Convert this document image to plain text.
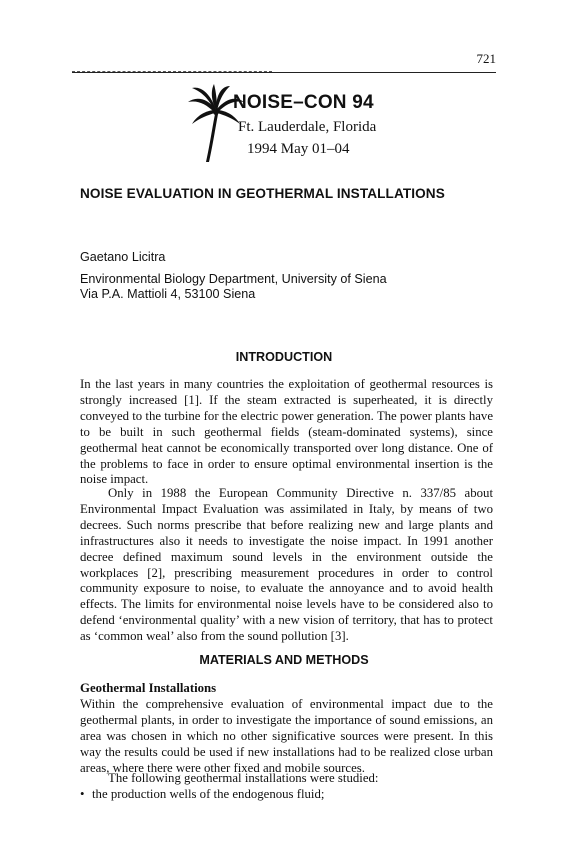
721
NOISE–CON 94
Ft. Lauderdale, Florida
1994 May 01–04
NOISE EVALUATION IN GEOTHERMAL INSTALLATIONS
Gaetano Licitra
Environmental Biology Department, University of Siena
Via P.A. Mattioli 4, 53100 Siena
INTRODUCTION

In the last years in many countries the exploitation of geothermal resources is strongly increased [1]. If the steam extracted is superheated, it is directly conveyed to the turbine for the electric power generation. The power plants have to be built in such geothermal fields (steam-dominated systems), since geothermal heat cannot be economically transported over long distance. One of the problems to face in order to ensure optimal environmental insertion is the noise impact.

Only in 1988 the European Community Directive n. 337/85 about Environmental Impact Evaluation was assimilated in Italy, by means of two decrees. Such norms prescribe that before realizing new and large plants and infrastructures also it needs to investigate the noise impact. In 1991 another decree defined maximum sound levels in the environment outside the workplaces [2], prescribing measurement procedures in order to control community exposure to noise, to evaluate the annoyance and to avoid health effects. The limits for environmental noise levels have to be considered also to defend ‘environmental quality’ with a new vision of territory, that has to protect as ‘common weal’ also from the sound pollution [3].

MATERIALS AND METHODS
Geothermal Installations

Within the comprehensive evaluation of environmental impact due to the geothermal plants, in order to investigate the importance of sound emissions, an area was chosen in which no other significative sources were present. In this way the results could be used if new installations had to be realized close urban areas, where there were other fixed and mobile sources.

The following geothermal installations were studied:

• the production wells of the endogenous fluid;
